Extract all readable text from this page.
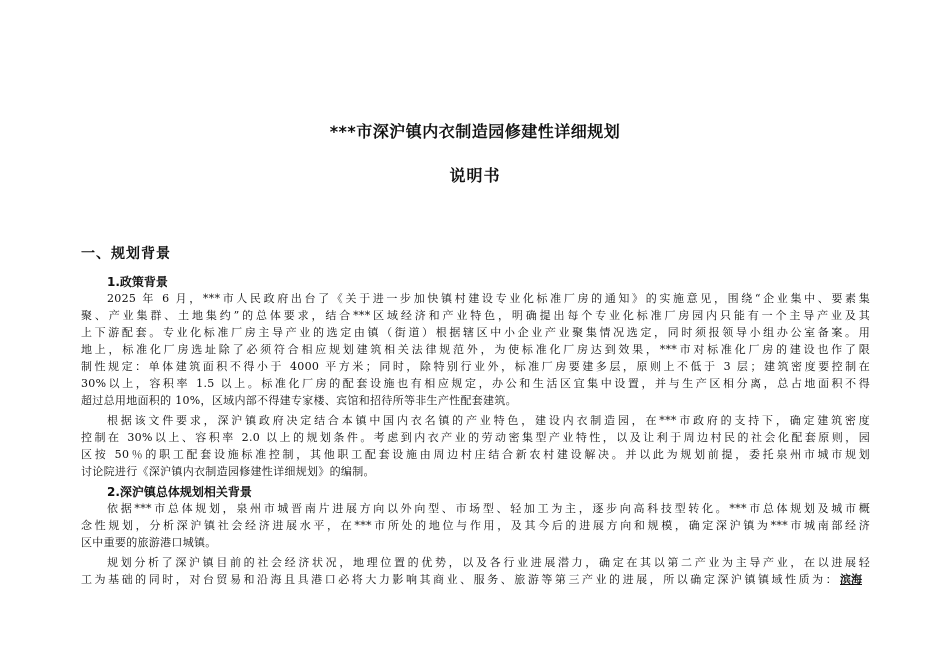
***市深沪镇内衣制造园修建性详细规划
说明书
一、规划背景
1.政策背景
2025 年 6 月，***市人民政府出台了《关于进一步加快镇村建设专业化标准厂房的通知》的实施意见，围绕“企业集中、要素集
聚、产业集群、土地集约”的总体要求，结合***区域经济和产业特色，明确提出每个专业化标准厂房园内只能有一个主导产业及其
上下游配套。专业化标准厂房主导产业的选定由镇（街道）根据辖区中小企业产业聚集情况选定，同时须报领导小组办公室备案。用
地上，标准化厂房选址除了必须符合相应规划建筑相关法律规范外，为使标准化厂房达到效果，***市对标准化厂房的建设也作了限
制性规定：单体建筑面积不得小于 4000 平方米；同时，除特别行业外，标准厂房要建多层，原则上不低于 3 层；建筑密度要控制在
30%以上，容积率 1.5 以上。标准化厂房的配套设施也有相应规定，办公和生活区宜集中设置，并与生产区相分离，总占地面积不得
超过总用地面积的 10%，区域内部不得建专家楼、宾馆和招待所等非生产性配套建筑。
根据该文件要求，深沪镇政府决定结合本镇中国内衣名镇的产业特色，建设内衣制造园，在***市政府的支持下，确定建筑密度
控制在 30%以上、容积率 2.0 以上的规划条件。考虑到内衣产业的劳动密集型产业特性，以及让利于周边村民的社会化配套原则，园
区按 50％的职工配套设施标准控制，其他职工配套设施由周边村庄结合新农村建设解决。并以此为规划前提，委托泉州市城市规划
讨论院进行《深沪镇内衣制造园修建性详细规划》的编制。
2.深沪镇总体规划相关背景
依据***市总体规划，泉州市城晋南片进展方向以外向型、市场型、轻加工为主，逐步向高科技型转化。***市总体规划及城市概
念性规划，分析深沪镇社会经济进展水平，在***市所处的地位与作用，及其今后的进展方向和规模，确定深沪镇为***市城南部经济
区中重要的旅游港口城镇。
规划分析了深沪镇目前的社会经济状况，地理位置的优势，以及各行业进展潜力，确定在其以第二产业为主导产业，在以进展轻
工为基础的同时，对台贸易和沿海且具港口必将大力影响其商业、服务、旅游等第三产业的进展，所以确定深沪镇镇域性质为： 滨海
